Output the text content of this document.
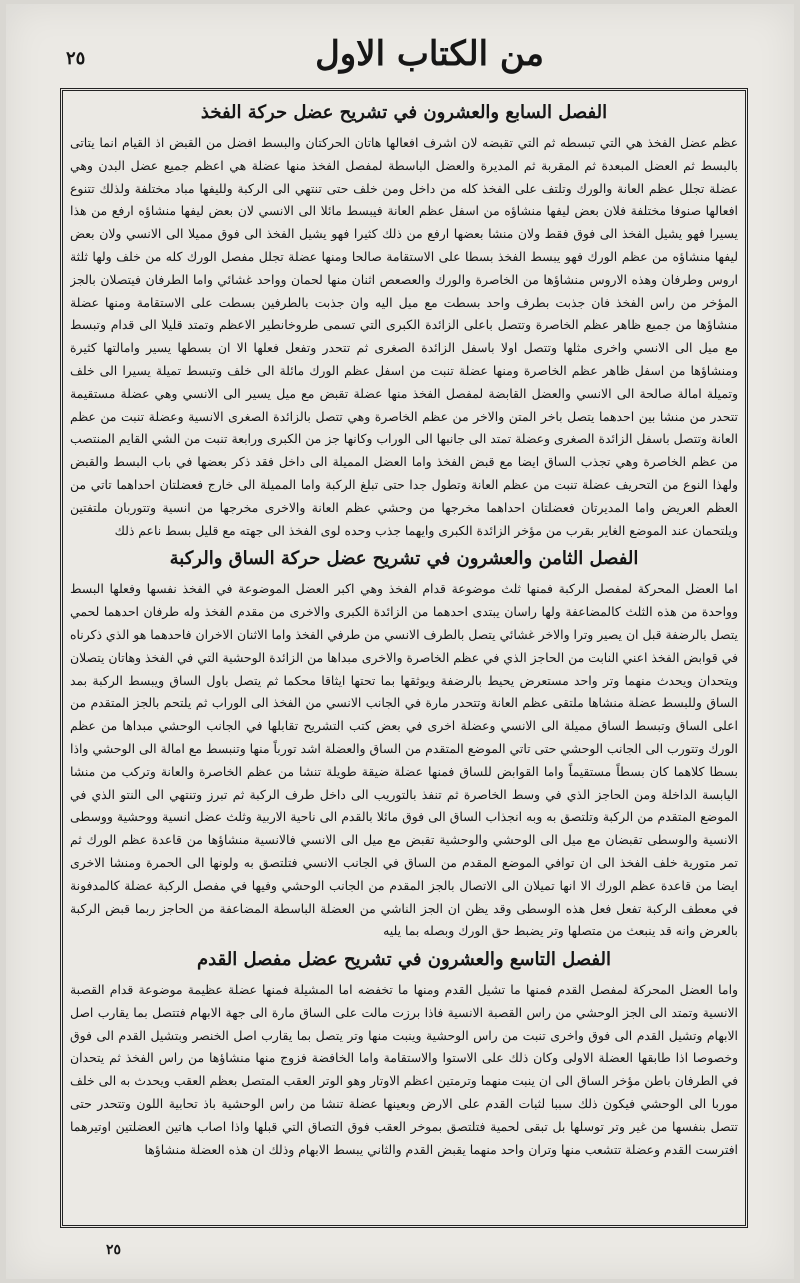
من الكتاب الاول
٢٥
الفصل السابع والعشرون في تشريح عضل حركة الفخذ

عظم عضل الفخذ هي التي تبسطه ثم التي تقبضه لان اشرف افعالها هاتان الحركتان والبسط افضل من القبض اذ القيام انما يتاتى بالبسط ثم العضل المبعدة ثم المقربة ثم المديرة والعضل الباسطة لمفصل الفخذ منها عضلة هي اعظم جميع عضل البدن وهي عضلة تجلل عظم العانة والورك وتلتف على الفخذ كله من داخل ومن خلف حتى تنتهي الى الركبة ولليفها مباد مختلفة ولذلك تتنوع افعالها صنوفا مختلفة فلان بعض ليفها منشاؤه من اسفل عظم العانة فيبسط مائلا الى الانسي لان بعض ليفها منشاؤه ارفع من هذا يسيرا فهو يشيل الفخذ الى فوق فقط ولان منشا بعضها ارفع من ذلك كثيرا فهو يشيل الفخذ الى فوق مميلا الى الانسي ولان بعض ليفها منشاؤه من عظم الورك فهو يبسط الفخذ بسطا على الاستقامة صالحا ومنها عضلة تجلل مفصل الورك كله من خلف ولها ثلثة اروس وطرفان وهذه الاروس منشاؤها من الخاصرة والورك والعصعص اثنان منها لحمان وواحد غشائي واما الطرفان فيتصلان بالجز المؤخر من راس الفخذ فان جذبت بطرف واحد بسطت مع ميل اليه وان جذبت بالطرفين بسطت على الاستقامة ومنها عضلة منشاؤها من جميع ظاهر عظم الخاصرة وتتصل باعلى الزائدة الكبرى التي تسمى طروخانطير الاعظم وتمتد قليلا الى قدام وتبسط مع ميل الى الانسي واخرى مثلها وتتصل اولا باسفل الزائدة الصغرى ثم تتحدر وتفعل فعلها الا ان بسطها يسير وامالتها كثيرة ومنشاؤها من اسفل ظاهر عظم الخاصرة ومنها عضلة تنبت من اسفل عظم الورك مائلة الى خلف وتبسط تميلة يسيرا الى خلف وتميلة امالة صالحة الى الانسي والعضل القابضة لمفصل الفخذ منها عضلة تقبض مع ميل يسير الى الانسي وهي عضلة مستقيمة تتحدر من منشا بين احدهما يتصل باخر المتن والاخر من عظم الخاصرة وهي تتصل بالزائدة الصغرى الانسية وعضلة تنبت من عظم العانة وتتصل باسفل الزائدة الصغرى وعضلة تمتد الى جانبها الى الوراب وكانها جز من الكبرى ورابعة تنبت من الشي القايم المنتصب من عظم الخاصرة وهي تجذب الساق ايضا مع قبض الفخذ واما العضل المميلة الى داخل فقد ذكر بعضها في باب البسط والقبض ولهذا النوع من التحريف عضلة تنبت من عظم العانة وتطول جدا حتى تبلغ الركبة واما المميلة الى خارج فعضلتان احداهما تاتي من العظم العريض واما المديرتان فعضلتان احداهما مخرجها من وحشي عظم العانة والاخرى مخرجها من انسية وتتوربان ملتفتين ويلتحمان عند الموضع الغاير بقرب من مؤخر الزائدة الكبرى وايهما جذب وحده لوى الفخذ الى جهته مع قليل بسط ناعم ذلك

الفصل الثامن والعشرون في تشريح عضل حركة الساق والركبة

اما العضل المحركة لمفصل الركبة فمنها ثلث موضوعة قدام الفخذ وهي اكبر العضل الموضوعة في الفخذ نفسها وفعلها البسط وواحدة من هذه الثلث كالمضاعفة ولها راسان يبتدى احدهما من الزائدة الكبرى والاخرى من مقدم الفخذ وله طرفان احدهما لحمي يتصل بالرضفة قبل ان يصير وترا والاخر غشائي يتصل بالطرف الانسي من طرفي الفخذ واما الاثنان الاخران فاحدهما هو الذي ذكرناه في قوابض الفخذ اعني النابت من الحاجز الذي في عظم الخاصرة والاخرى مبداها من الزائدة الوحشية التي في الفخذ وهاتان يتصلان ويتحدان ويحدث منهما وتر واحد مستعرض يحيط بالرضفة ويوثقها بما تحتها ايثاقا محكما ثم يتصل باول الساق ويبسط الركبة بمد الساق وللبسط عضلة منشاها ملتقى عظم العانة وتتحدر مارة في الجانب الانسي من الفخذ الى الوراب ثم يلتحم بالجز المتقدم من اعلى الساق وتبسط الساق مميلة الى الانسي وعضلة اخرى في بعض كتب التشريح تقابلها في الجانب الوحشي مبداها من عظم الورك وتتورب الى الجانب الوحشي حتى تاتي الموضع المتقدم من الساق والعضلة اشد تورباً منها وتنبسط مع امالة الى الوحشي واذا بسطا كلاهما كان بسطاً مستقيماً واما القوابض للساق فمنها عضلة ضيقة طويلة تنشا من عظم الخاصرة والعانة وتركب من منشا اليابسة الداخلة ومن الحاجز الذي في وسط الخاصرة ثم تنفذ بالتوريب الى داخل طرف الركبة ثم تبرز وتنتهي الى النتو الذي في الموضع المتقدم من الركبة وتلتصق به وبه انجذاب الساق الى فوق مائلا بالقدم الى ناحية الاربية وثلث عضل انسية ووحشية ووسطى الانسية والوسطى تقبضان مع ميل الى الوحشي والوحشية تقبض مع ميل الى الانسي فالانسية منشاؤها من قاعدة عظم الورك ثم تمر متورية خلف الفخذ الى ان توافي الموضع المقدم من الساق في الجانب الانسي فتلتصق به ولونها الى الحمرة ومنشا الاخرى ايضا من قاعدة عظم الورك الا انها تميلان الى الاتصال بالجز المقدم من الجانب الوحشي وفيها في مفصل الركبة عضلة كالمدفونة في معطف الركبة تفعل فعل هذه الوسطى وقد يظن ان الجز الناشي من العضلة الباسطة المضاعفة من الحاجز ربما قبض الركبة بالعرض وانه قد ينبعث من متصلها وتر يضبط حق الورك وبصله بما يليه

الفصل التاسع والعشرون في تشريح عضل مفصل القدم

واما العضل المحركة لمفصل القدم فمنها ما تشيل القدم ومنها ما تخفضه اما المشيلة فمنها عضلة عظيمة موضوعة قدام القصبة الانسية وتمتد الى الجز الوحشي من راس القصبة الانسية فاذا برزت مالت على الساق مارة الى جهة الابهام فتتصل بما يقارب اصل الابهام وتشيل القدم الى فوق واخرى تنبت من راس الوحشية وينبت منها وتر يتصل بما يقارب اصل الخنصر وبتشيل القدم الى فوق وخصوصا اذا طابقها العضلة الاولى وكان ذلك على الاستوا والاستقامة واما الخافضة فزوج منها منشاؤها من راس الفخذ ثم يتحدان في الطرفان باطن مؤخر الساق الى ان ينبت منهما وترمتين اعظم الاوتار وهو الوتر العقب المتصل بعظم العقب ويحدث به الى خلف موربا الى الوحشي فيكون ذلك سببا لثبات القدم على الارض وبعينها عضلة تنشا من راس الوحشية باذ تحابية اللون وتتحدر حتى تتصل بنفسها من غير وتر توسلها بل تبقى لحمية فتلتصق بموخر العقب فوق التصاق التي قبلها واذا اصاب هاتين العضلتين اوتيرهما افترست القدم وعضلة تتشعب منها وتران واحد منهما يقبض القدم والثاني يبسط الابهام وذلك ان هذه العضلة منشاؤها

٢٥
